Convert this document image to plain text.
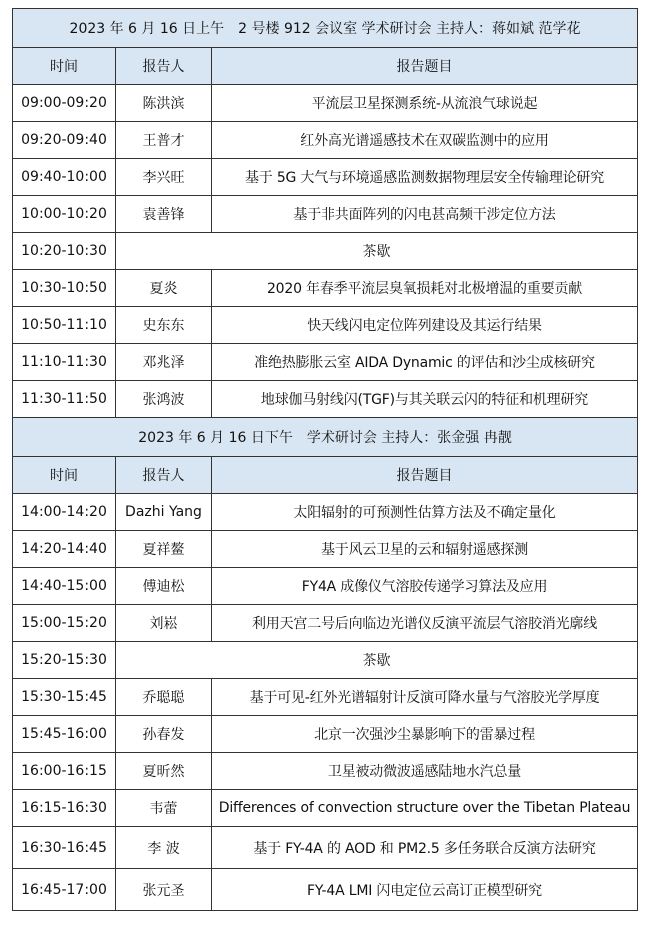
2023 年 6 月 16 日上午　2 号楼 912 会议室 学术研讨会 主持人：蒋如斌 范学花		
时间	报告人	报告题目
09:00-09:20	陈洪滨	平流层卫星探测系统-从流浪气球说起
09:20-09:40	王普才	红外高光谱遥感技术在双碳监测中的应用
09:40-10:00	李兴旺	基于 5G 大气与环境遥感监测数据物理层安全传输理论研究
10:00-10:20	袁善锋	基于非共面阵列的闪电甚高频干涉定位方法
10:20-10:30	茶歇	
10:30-10:50	夏炎	2020 年春季平流层臭氧损耗对北极增温的重要贡献
10:50-11:10	史东东	快天线闪电定位阵列建设及其运行结果
11:10-11:30	邓兆泽	准绝热膨胀云室 AIDA Dynamic 的评估和沙尘成核研究
11:30-11:50	张鸿波	地球伽马射线闪(TGF)与其关联云闪的特征和机理研究
2023 年 6 月 16 日下午　学术研讨会 主持人：张金强 冉靓		
时间	报告人	报告题目
14:00-14:20	Dazhi Yang	太阳辐射的可预测性估算方法及不确定量化
14:20-14:40	夏祥鳌	基于风云卫星的云和辐射遥感探测
14:40-15:00	傅迪松	FY4A 成像仪气溶胶传递学习算法及应用
15:00-15:20	刘崧	利用天宫二号后向临边光谱仪反演平流层气溶胶消光廓线
15:20-15:30	茶歇	
15:30-15:45	乔聪聪	基于可见-红外光谱辐射计反演可降水量与气溶胶光学厚度
15:45-16:00	孙春发	北京一次强沙尘暴影响下的雷暴过程
16:00-16:15	夏昕然	卫星被动微波遥感陆地水汽总量
16:15-16:30	韦蕾	Differences of convection structure over the Tibetan Plateau
16:30-16:45	李 波	基于 FY-4A 的 AOD 和 PM2.5 多任务联合反演方法研究
16:45-17:00	张元圣	FY-4A LMI 闪电定位云高订正模型研究
